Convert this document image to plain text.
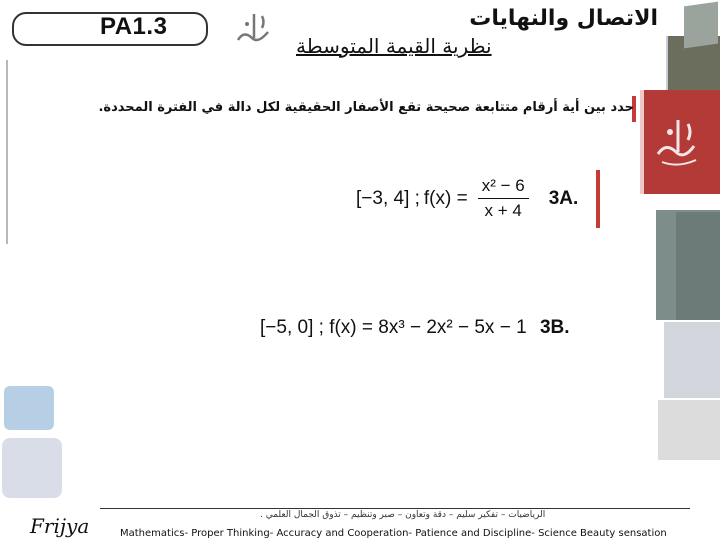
PA1.3	الاتصال والنهايات
نظرية القيمة المتوسطة
حدد بين أية أرقام متتابعة صحيحة تقع الأصفار الحقيقية لكل دالة في الفترة المحددة.
[−3, 4] ; $f(x) = \frac{\text{x² − 6}}{x + 4} 3A$.
[−5, 0] ; f(x) = 8x³ − 2x² − 5x − 1 3B.
الرياضيات – تفكير سليم – دقة وتعاون – صبر وتنظيم – تذوق الجمال العلمي .
Frijya	Mathematics- Proper Thinking- Accuracy and Cooperation- Patience and Discipline- Science Beauty sensation
